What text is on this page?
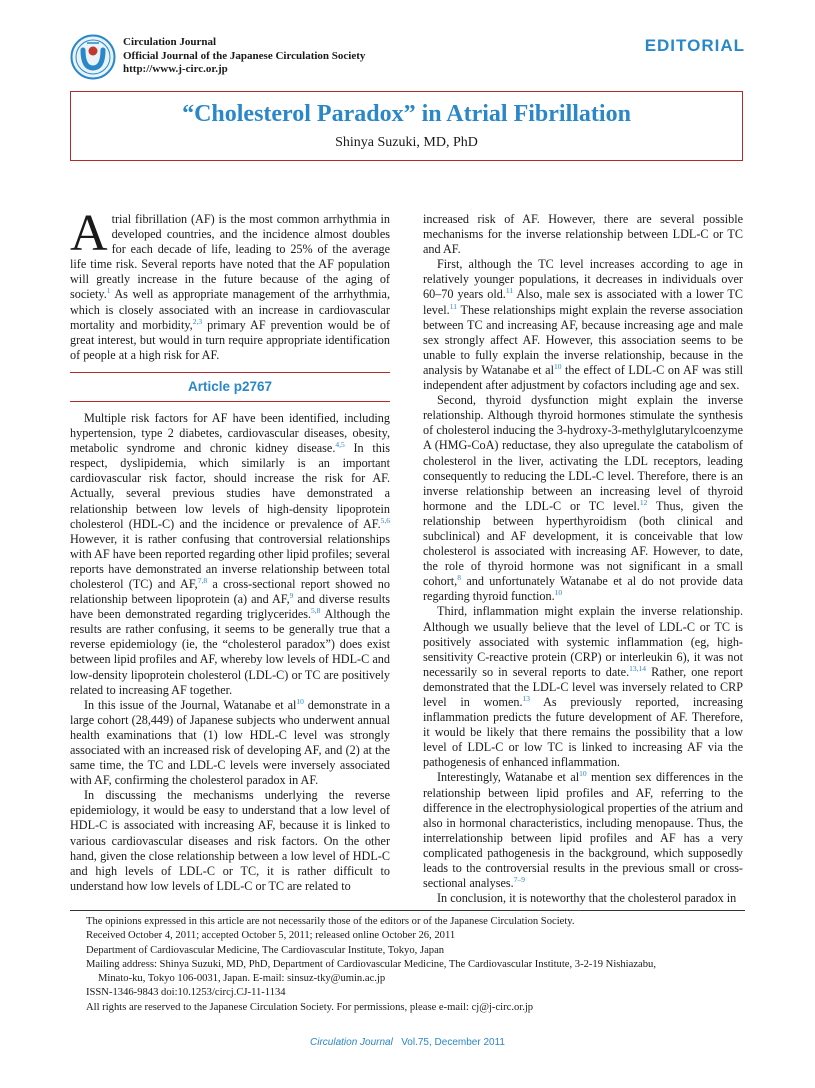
Circulation Journal
Official Journal of the Japanese Circulation Society
http://www.j-circ.or.jp
EDITORIAL
“Cholesterol Paradox” in Atrial Fibrillation
Shinya Suzuki, MD, PhD

Atrial fibrillation (AF) is the most common arrhythmia in developed countries, and the incidence almost doubles for each decade of life, leading to 25% of the average life time risk. Several reports have noted that the AF population will greatly increase in the future because of the aging of society.$^1$ As well as appropriate management of the arrhythmia, which is closely associated with an increase in cardiovascular mortality and morbidity,$^{2,3}$ primary AF prevention would be of great interest, but would in turn require appropriate identification of people at a high risk for AF.

Article p2767

Multiple risk factors for AF have been identified, including hypertension, type 2 diabetes, cardiovascular diseases, obesity, metabolic syndrome and chronic kidney disease.$^{4,5}$ In this respect, dyslipidemia, which similarly is an important cardiovascular risk factor, should increase the risk for AF. Actually, several previous studies have demonstrated a relationship between low levels of high-density lipoprotein cholesterol (HDL-C) and the incidence or prevalence of AF.$^{5,6}$ However, it is rather confusing that controversial relationships with AF have been reported regarding other lipid profiles; several reports have demonstrated an inverse relationship between total cholesterol (TC) and AF,$^{7,8}$ a cross-sectional report showed no relationship between lipoprotein (a) and AF,$^9$ and diverse results have been demonstrated regarding triglycerides.$^{5,8}$ Although the results are rather confusing, it seems to be generally true that a reverse epidemiology (ie, the “cholesterol paradox”) does exist between lipid profiles and AF, whereby low levels of HDL-C and low-density lipoprotein cholesterol (LDL-C) or TC are positively related to increasing AF together.

In this issue of the Journal, Watanabe et al$^{10}$ demonstrate in a large cohort (28,449) of Japanese subjects who underwent annual health examinations that (1) low HDL-C level was strongly associated with an increased risk of developing AF, and (2) at the same time, the TC and LDL-C levels were inversely associated with AF, confirming the cholesterol paradox in AF.

In discussing the mechanisms underlying the reverse epidemiology, it would be easy to understand that a low level of HDL-C is associated with increasing AF, because it is linked to various cardiovascular diseases and risk factors. On the other hand, given the close relationship between a low level of HDL-C and high levels of LDL-C or TC, it is rather difficult to understand how low levels of LDL-C or TC are related to

increased risk of AF. However, there are several possible mechanisms for the inverse relationship between LDL-C or TC and AF.

First, although the TC level increases according to age in relatively younger populations, it decreases in individuals over 60–70 years old.$^{11}$ Also, male sex is associated with a lower TC level.$^{11}$ These relationships might explain the reverse association between TC and increasing AF, because increasing age and male sex strongly affect AF. However, this association seems to be unable to fully explain the inverse relationship, because in the analysis by Watanabe et al$^{10}$ the effect of LDL-C on AF was still independent after adjustment by cofactors including age and sex.

Second, thyroid dysfunction might explain the inverse relationship. Although thyroid hormones stimulate the synthesis of cholesterol inducing the 3-hydroxy-3-methylglutarylcoenzyme A (HMG-CoA) reductase, they also upregulate the catabolism of cholesterol in the liver, activating the LDL receptors, leading consequently to reducing the LDL-C level. Therefore, there is an inverse relationship between an increasing level of thyroid hormone and the LDL-C or TC level.$^{12}$ Thus, given the relationship between hyperthyroidism (both clinical and subclinical) and AF development, it is conceivable that low cholesterol is associated with increasing AF. However, to date, the role of thyroid hormone was not significant in a small cohort,$^8$ and unfortunately Watanabe et al do not provide data regarding thyroid function.$^{10}$

Third, inflammation might explain the inverse relationship. Although we usually believe that the level of LDL-C or TC is positively associated with systemic inflammation (eg, high-sensitivity C-reactive protein (CRP) or interleukin 6), it was not necessarily so in several reports to date.$^{13,14}$ Rather, one report demonstrated that the LDL-C level was inversely related to CRP level in women.$^{13}$ As previously reported, increasing inflammation predicts the future development of AF. Therefore, it would be likely that there remains the possibility that a low level of LDL-C or low TC is linked to increasing AF via the pathogenesis of enhanced inflammation.

Interestingly, Watanabe et al$^{10}$ mention sex differences in the relationship between lipid profiles and AF, referring to the difference in the electrophysiological properties of the atrium and also in hormonal characteristics, including menopause. Thus, the interrelationship between lipid profiles and AF has a very complicated pathogenesis in the background, which supposedly leads to the controversial results in the previous small or cross-sectional analyses.$^{7-9}$

In conclusion, it is noteworthy that the cholesterol paradox in

The opinions expressed in this article are not necessarily those of the editors or of the Japanese Circulation Society.
Received October 4, 2011; accepted October 5, 2011; released online October 26, 2011
Department of Cardiovascular Medicine, The Cardiovascular Institute, Tokyo, Japan
Mailing address: Shinya Suzuki, MD, PhD, Department of Cardiovascular Medicine, The Cardiovascular Institute, 3-2-19 Nishiazabu,
Minato-ku, Tokyo 106-0031, Japan. E-mail: sinsuz-tky@umin.ac.jp
ISSN-1346-9843 doi:10.1253/circj.CJ-11-1134
All rights are reserved to the Japanese Circulation Society. For permissions, please e-mail: cj@j-circ.or.jp
Circulation Journal Vol.75, December 2011
